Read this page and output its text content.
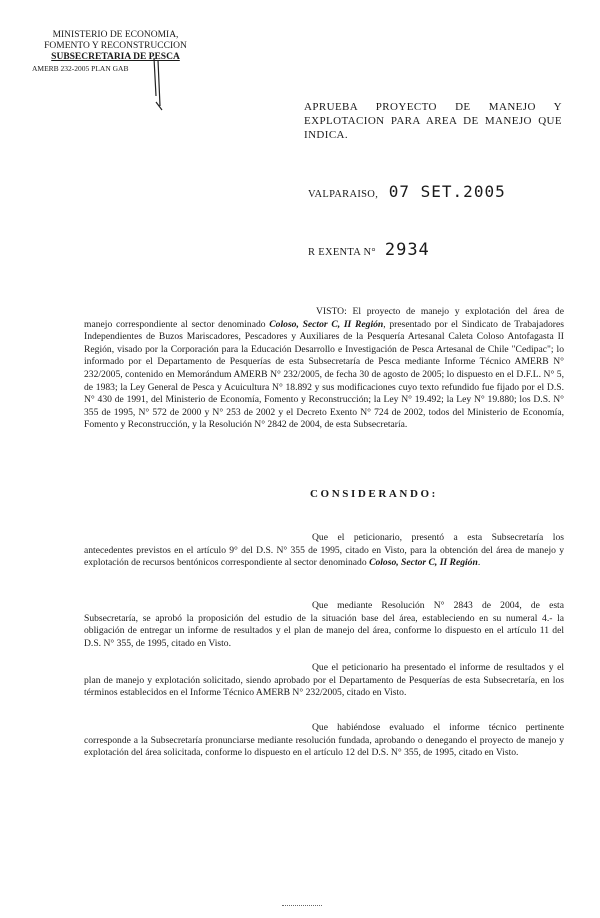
MINISTERIO DE ECONOMIA,
FOMENTO Y RECONSTRUCCION
SUBSECRETARIA DE PESCA
AMERB 232-2005 PLAN GAB
APRUEBA PROYECTO DE MANEJO Y EXPLOTACION PARA AREA DE MANEJO QUE INDICA.
VALPARAISO, 07 SET.2005
R EXENTA N° 2934
VISTO: El proyecto de manejo y explotación del área de manejo correspondiente al sector denominado Coloso, Sector C, II Región, presentado por el Sindicato de Trabajadores Independientes de Buzos Mariscadores, Pescadores y Auxiliares de la Pesquería Artesanal Caleta Coloso Antofagasta II Región, visado por la Corporación para la Educación Desarrollo e Investigación de Pesca Artesanal de Chile "Cedipac"; lo informado por el Departamento de Pesquerías de esta Subsecretaría de Pesca mediante Informe Técnico AMERB N° 232/2005, contenido en Memorándum AMERB N° 232/2005, de fecha 30 de agosto de 2005; lo dispuesto en el D.F.L. N° 5, de 1983; la Ley General de Pesca y Acuicultura N° 18.892 y sus modificaciones cuyo texto refundido fue fijado por el D.S. N° 430 de 1991, del Ministerio de Economía, Fomento y Reconstrucción; la Ley N° 19.492; la Ley N° 19.880; los D.S. N° 355 de 1995, N° 572 de 2000 y N° 253 de 2002 y el Decreto Exento N° 724 de 2002, todos del Ministerio de Economía, Fomento y Reconstrucción, y la Resolución N° 2842 de 2004, de esta Subsecretaría.
CONSIDERANDO:
Que el peticionario, presentó a esta Subsecretaría los antecedentes previstos en el artículo 9° del D.S. N° 355 de 1995, citado en Visto, para la obtención del área de manejo y explotación de recursos bentónicos correspondiente al sector denominado Coloso, Sector C, II Región.
Que mediante Resolución N° 2843 de 2004, de esta Subsecretaría, se aprobó la proposición del estudio de la situación base del área, estableciendo en su numeral 4.- la obligación de entregar un informe de resultados y el plan de manejo del área, conforme lo dispuesto en el artículo 11 del D.S. N° 355, de 1995, citado en Visto.
Que el peticionario ha presentado el informe de resultados y el plan de manejo y explotación solicitado, siendo aprobado por el Departamento de Pesquerías de esta Subsecretaría, en los términos establecidos en el Informe Técnico AMERB N° 232/2005, citado en Visto.
Que habiéndose evaluado el informe técnico pertinente corresponde a la Subsecretaría pronunciarse mediante resolución fundada, aprobando o denegando el proyecto de manejo y explotación del área solicitada, conforme lo dispuesto en el artículo 12 del D.S. N° 355, de 1995, citado en Visto.
